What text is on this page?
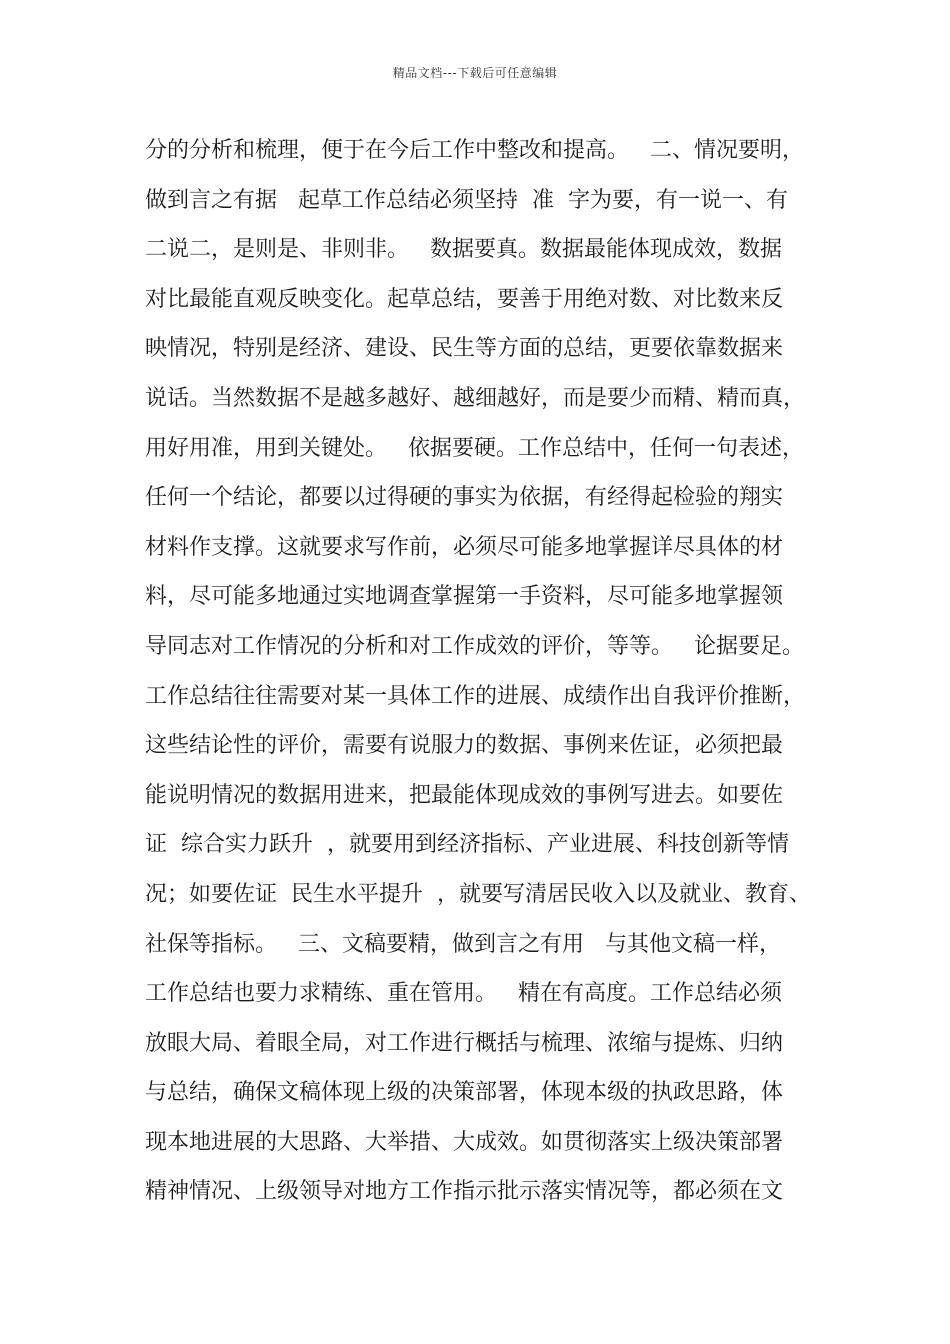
精品文档---下载后可任意编辑
分的分析和梳理，便于在今后工作中整改和提高。   二、情况要明，
做到言之有据   起草工作总结必须坚持  准  字为要，有一说一、有
二说二，是则是、非则非。   数据要真。数据最能体现成效，数据
对比最能直观反映变化。起草总结，要善于用绝对数、对比数来反
映情况，特别是经济、建设、民生等方面的总结，更要依靠数据来
说话。当然数据不是越多越好、越细越好，而是要少而精、精而真，
用好用准，用到关键处。   依据要硬。工作总结中，任何一句表述，
任何一个结论，都要以过得硬的事实为依据，有经得起检验的翔实
材料作支撑。这就要求写作前，必须尽可能多地掌握详尽具体的材
料，尽可能多地通过实地调查掌握第一手资料，尽可能多地掌握领
导同志对工作情况的分析和对工作成效的评价，等等。   论据要足。
工作总结往往需要对某一具体工作的进展、成绩作出自我评价推断，
这些结论性的评价，需要有说服力的数据、事例来佐证，必须把最
能说明情况的数据用进来，把最能体现成效的事例写进去。如要佐
证  综合实力跃升  ，就要用到经济指标、产业进展、科技创新等情
况；如要佐证  民生水平提升  ，就要写清居民收入以及就业、教育、
社保等指标。   三、文稿要精，做到言之有用   与其他文稿一样，
工作总结也要力求精练、重在管用。   精在有高度。工作总结必须
放眼大局、着眼全局，对工作进行概括与梳理、浓缩与提炼、归纳
与总结，确保文稿体现上级的决策部署，体现本级的执政思路，体
现本地进展的大思路、大举措、大成效。如贯彻落实上级决策部署
精神情况、上级领导对地方工作指示批示落实情况等，都必须在文
